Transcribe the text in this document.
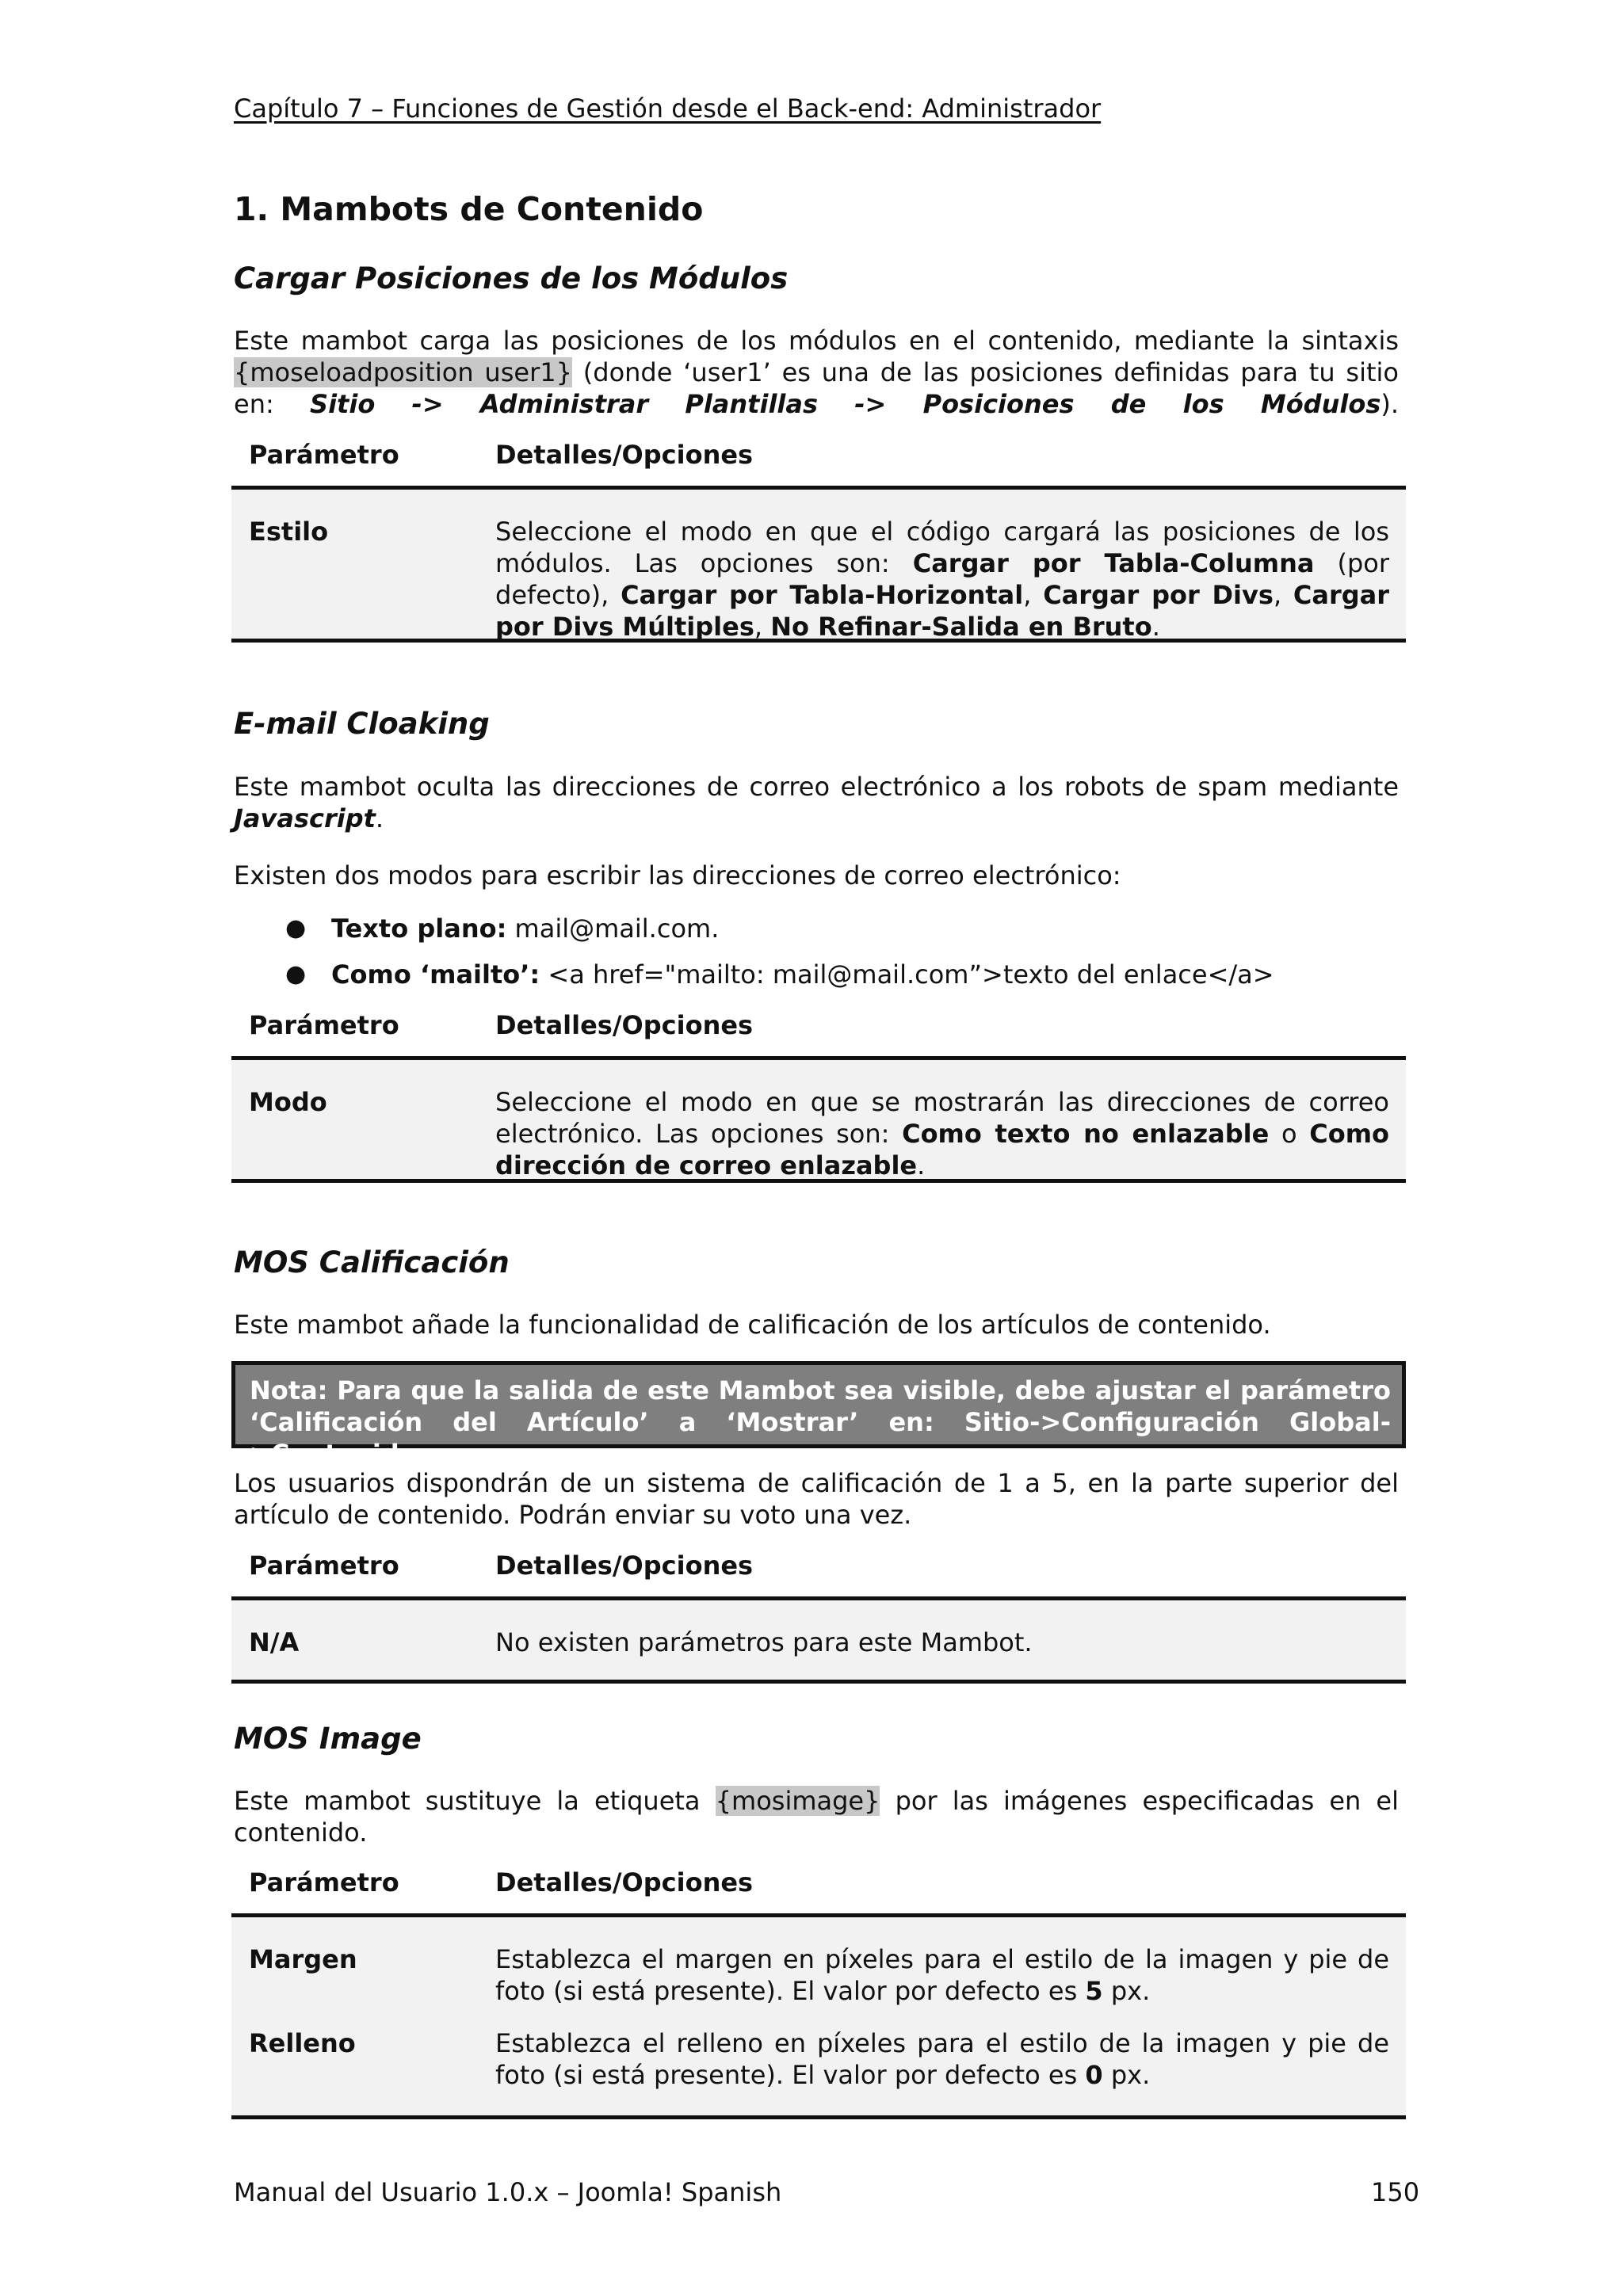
Capítulo 7 – Funciones de Gestión desde el Back-end: Administrador
1. Mambots de Contenido
Cargar Posiciones de los Módulos
Este mambot carga las posiciones de los módulos en el contenido, mediante la sintaxis {moseloadposition user1} (donde ‘user1’ es una de las posiciones definidas para tu sitio en: Sitio -> Administrar Plantillas -> Posiciones de los Módulos).
Parámetro	Detalles/Opciones
Estilo	Seleccione el modo en que el código cargará las posiciones de los módulos. Las opciones son: Cargar por Tabla-Columna (por defecto), Cargar por Tabla-Horizontal, Cargar por Divs, Cargar por Divs Múltiples, No Refinar-Salida en Bruto.
E-mail Cloaking
Este mambot oculta las direcciones de correo electrónico a los robots de spam mediante Javascript.
Existen dos modos para escribir las direcciones de correo electrónico:
● Texto plano: mail@mail.com.
● Como ‘mailto’: <a href="mailto: mail@mail.com”>texto del enlace</a>
Parámetro	Detalles/Opciones
Modo	Seleccione el modo en que se mostrarán las direcciones de correo electrónico. Las opciones son: Como texto no enlazable o Como dirección de correo enlazable.
MOS Calificación
Este mambot añade la funcionalidad de calificación de los artículos de contenido.
Nota: Para que la salida de este Mambot sea visible, debe ajustar el parámetro ‘Calificación del Artículo’ a ‘Mostrar’ en: Sitio->Configuración Global->Contenido.
Los usuarios dispondrán de un sistema de calificación de 1 a 5, en la parte superior del artículo de contenido. Podrán enviar su voto una vez.
Parámetro	Detalles/Opciones
N/A	No existen parámetros para este Mambot.
MOS Image
Este mambot sustituye la etiqueta {mosimage} por las imágenes especificadas en el contenido.
Parámetro	Detalles/Opciones
Margen	Establezca el margen en píxeles para el estilo de la imagen y pie de foto (si está presente). El valor por defecto es 5 px.
Relleno	Establezca el relleno en píxeles para el estilo de la imagen y pie de foto (si está presente). El valor por defecto es 0 px.
Manual del Usuario 1.0.x – Joomla! Spanish	150
